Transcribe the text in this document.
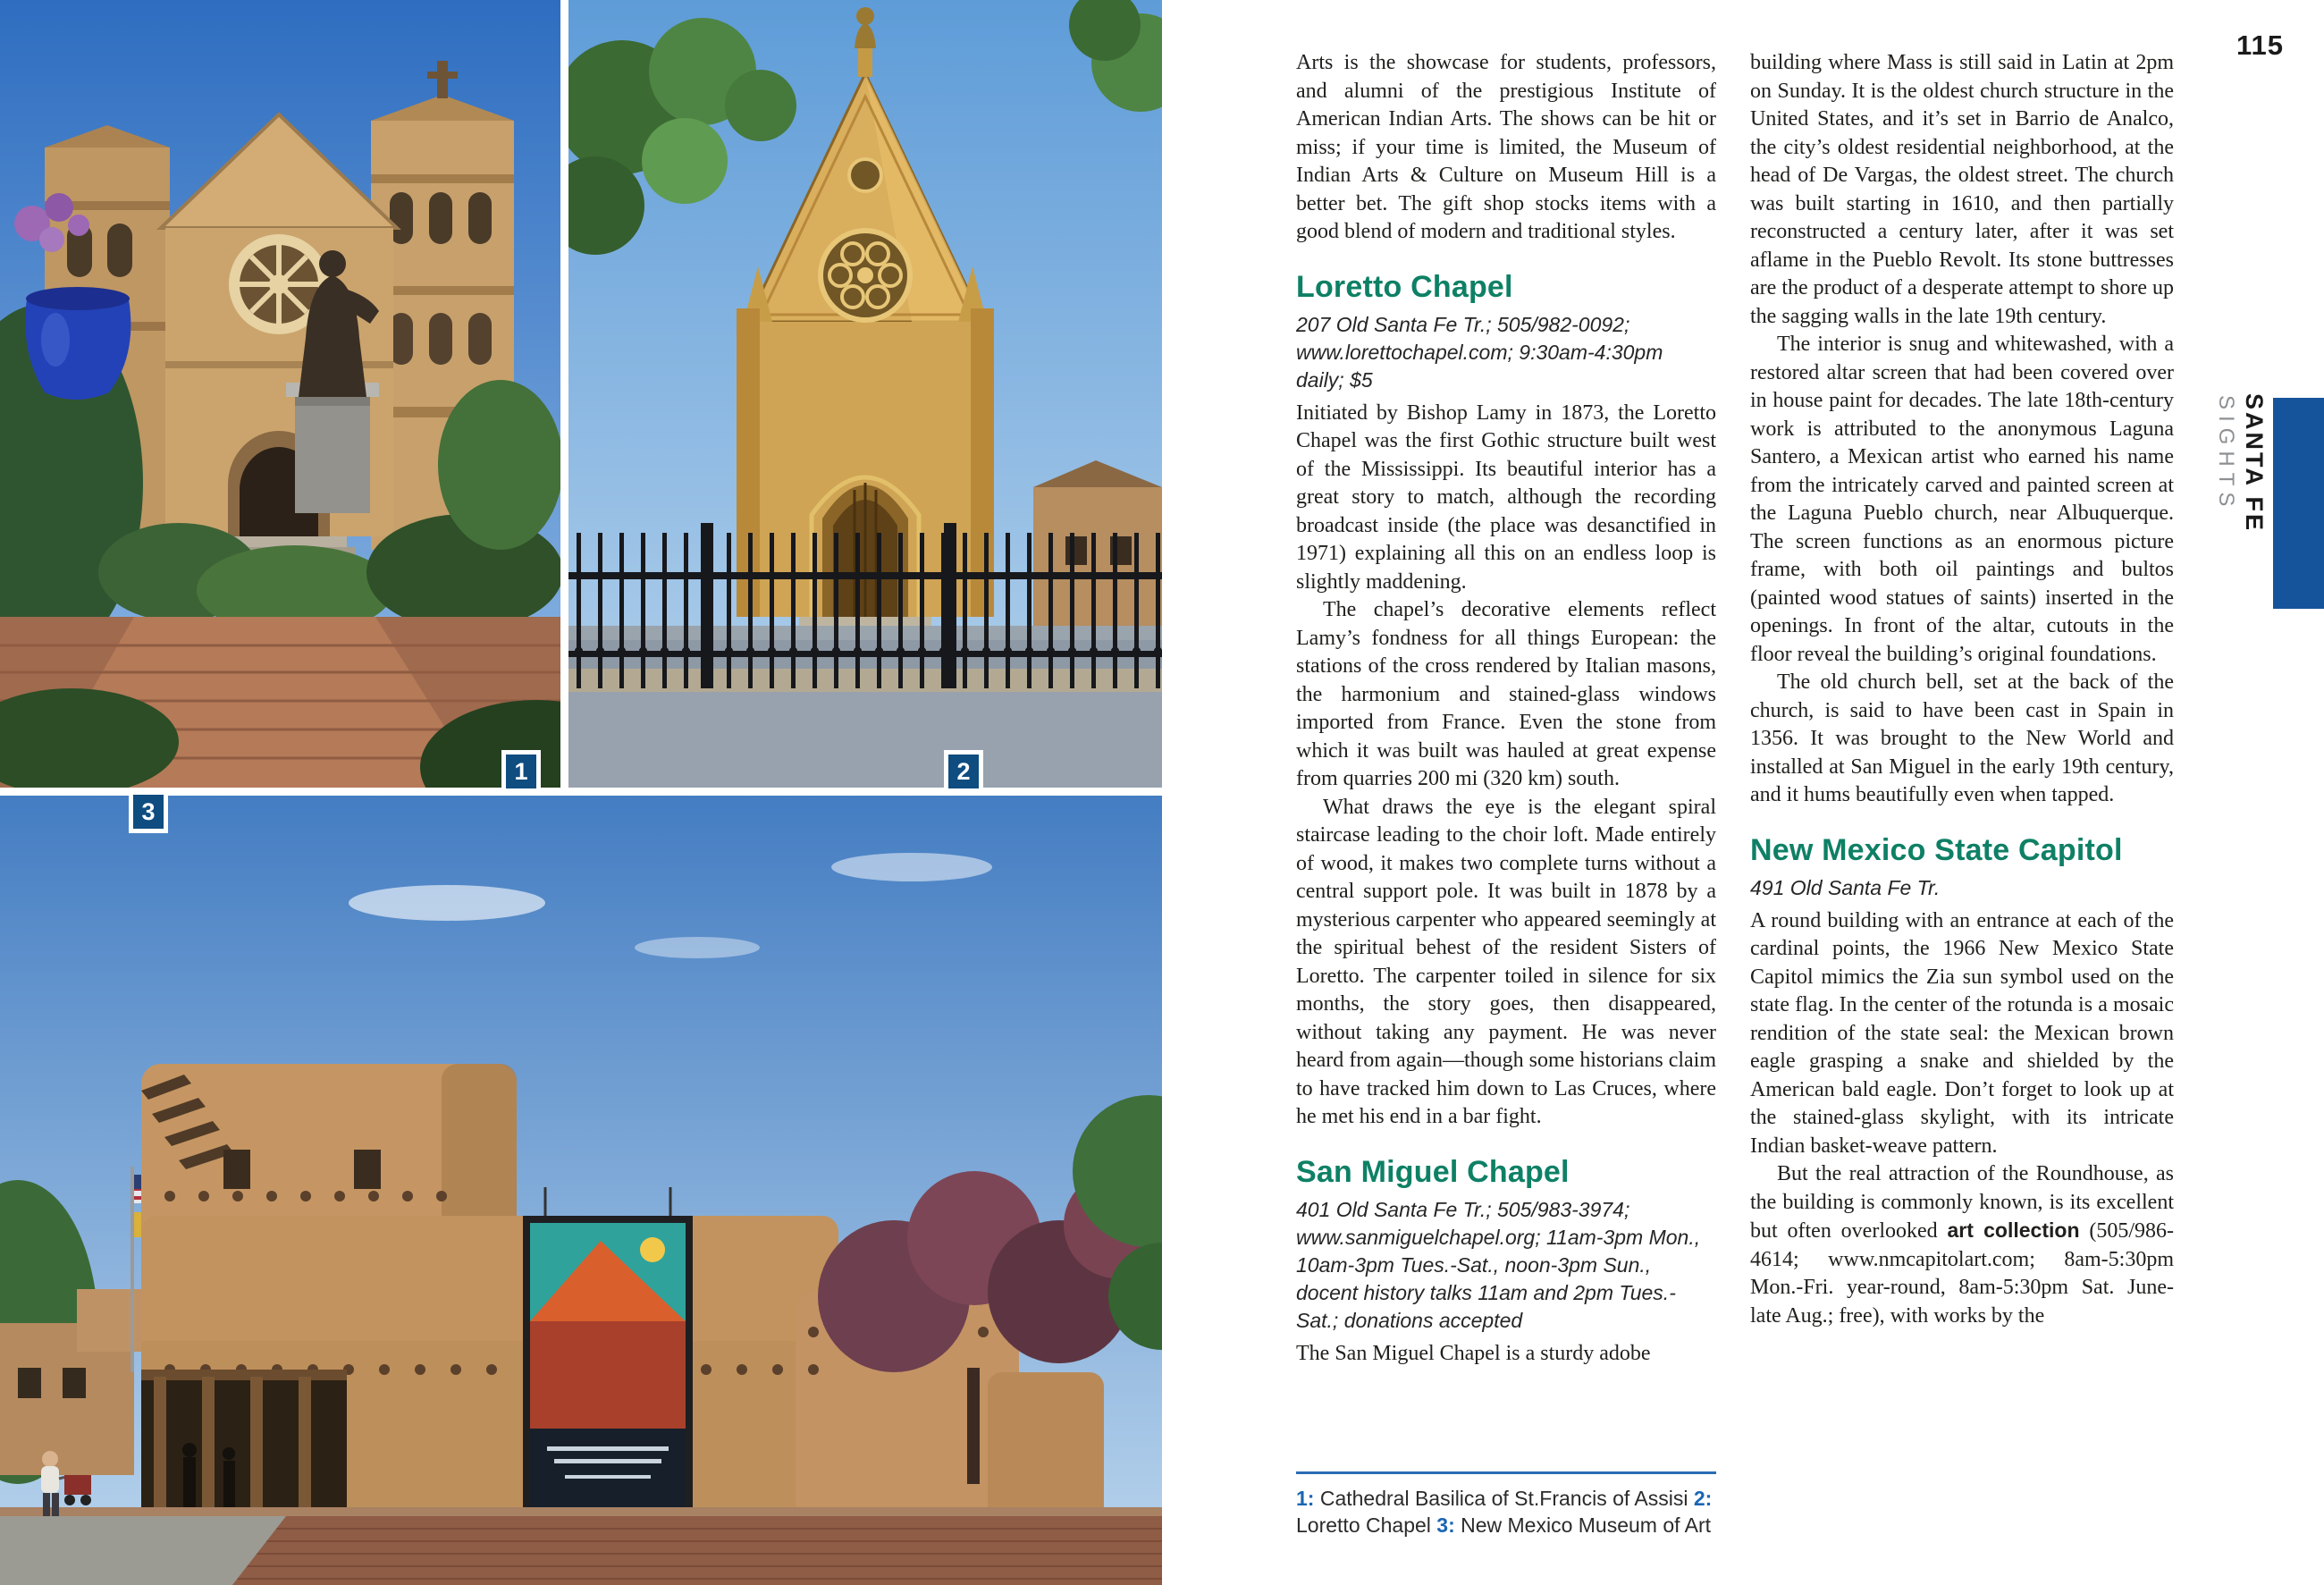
1	2
3

Arts is the showcase for students, professors, and alumni of the prestigious Institute of American Indian Arts. The shows can be hit or miss; if your time is limited, the Museum of Indian Arts & Culture on Museum Hill is a better bet. The gift shop stocks items with a good blend of modern and traditional styles.

Loretto Chapel

207 Old Santa Fe Tr.; 505/982-0092; www.lorettochapel.com; 9:30am-4:30pm daily; $5

Initiated by Bishop Lamy in 1873, the Loretto Chapel was the first Gothic structure built west of the Mississippi. Its beautiful interior has a great story to match, although the recording broadcast inside (the place was desanctified in 1971) explaining all this on an endless loop is slightly maddening.

The chapel’s decorative elements reflect Lamy’s fondness for all things European: the stations of the cross rendered by Italian masons, the harmonium and stained-glass windows imported from France. Even the stone from which it was built was hauled at great expense from quarries 200 mi (320 km) south.

What draws the eye is the elegant spiral staircase leading to the choir loft. Made entirely of wood, it makes two complete turns without a central support pole. It was built in 1878 by a mysterious carpenter who appeared seemingly at the spiritual behest of the resident Sisters of Loretto. The carpenter toiled in silence for six months, the story goes, then disappeared, without taking any payment. He was never heard from again—though some historians claim to have tracked him down to Las Cruces, where he met his end in a bar fight.

San Miguel Chapel

401 Old Santa Fe Tr.; 505/983-3974; www.sanmiguelchapel.org; 11am-3pm Mon., 10am-3pm Tues.-Sat., noon-3pm Sun., docent history talks 11am and 2pm Tues.-Sat.; donations accepted

The San Miguel Chapel is a sturdy adobe

building where Mass is still said in Latin at 2pm on Sunday. It is the oldest church structure in the United States, and it’s set in Barrio de Analco, the city’s oldest residential neighborhood, at the head of De Vargas, the oldest street. The church was built starting in 1610, and then partially reconstructed a century later, after it was set aflame in the Pueblo Revolt. Its stone buttresses are the product of a desperate attempt to shore up the sagging walls in the late 19th century.

The interior is snug and whitewashed, with a restored altar screen that had been covered over in house paint for decades. The late 18th-century work is attributed to the anonymous Laguna Santero, a Mexican artist who earned his name from the intricately carved and painted screen at the Laguna Pueblo church, near Albuquerque. The screen functions as an enormous picture frame, with both oil paintings and bultos (painted wood statues of saints) inserted in the openings. In front of the altar, cutouts in the floor reveal the building’s original foundations.

The old church bell, set at the back of the church, is said to have been cast in Spain in 1356. It was brought to the New World and installed at San Miguel in the early 19th century, and it hums beautifully even when tapped.

New Mexico State Capitol

491 Old Santa Fe Tr.

A round building with an entrance at each of the cardinal points, the 1966 New Mexico State Capitol mimics the Zia sun symbol used on the state flag. In the center of the rotunda is a mosaic rendition of the state seal: the Mexican brown eagle grasping a snake and shielded by the American bald eagle. Don’t forget to look up at the stained-glass skylight, with its intricate Indian basket-weave pattern.

But the real attraction of the Roundhouse, as the building is commonly known, is its excellent but often overlooked art collection (505/986-4614; www.nmcapitolart.com; 8am-5:30pm Mon.-Fri. year-round, 8am-5:30pm Sat. June-late Aug.; free), with works by the

1: Cathedral Basilica of St.Francis of Assisi 2: Loretto Chapel 3: New Mexico Museum of Art
115
SANTA FE
SIGHTS
